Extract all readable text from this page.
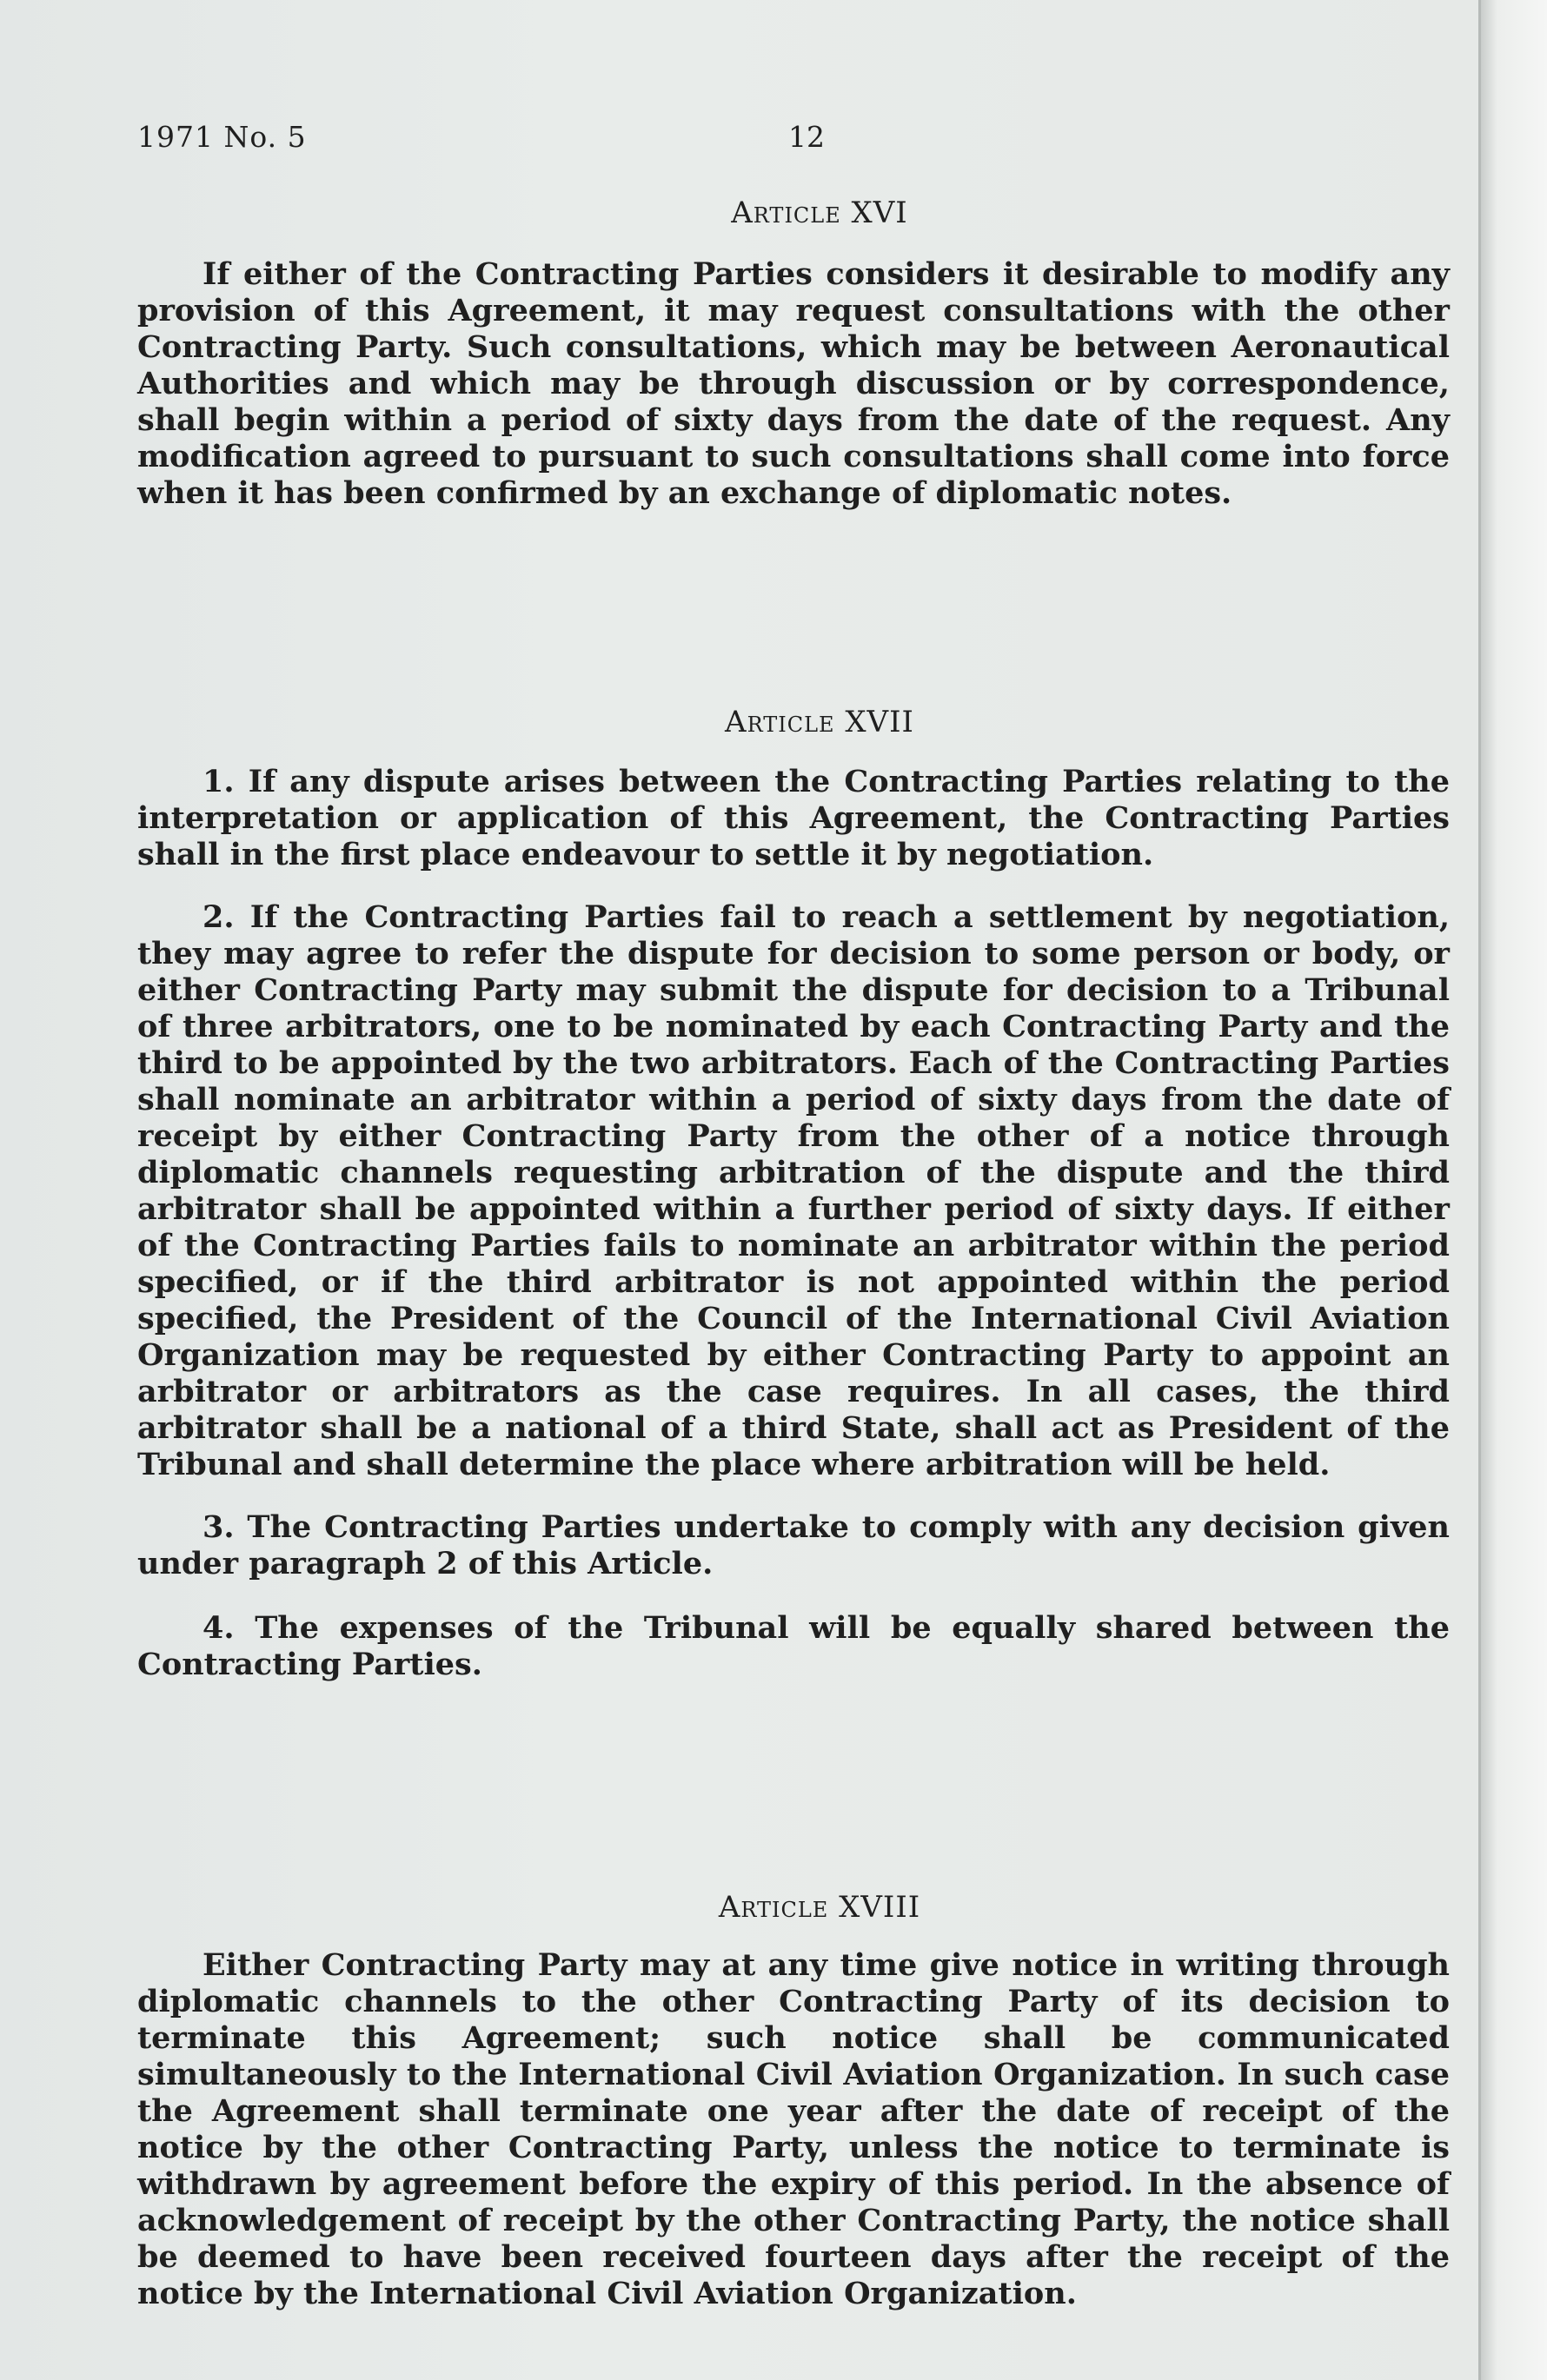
1971 No. 5	12
Article XVI

If either of the Contracting Parties considers it desirable to modify any provision of this Agreement, it may request consultations with the other Contracting Party. Such consultations, which may be between Aeronautical Authorities and which may be through discussion or by correspondence, shall begin within a period of sixty days from the date of the request. Any modification agreed to pursuant to such consultations shall come into force when it has been confirmed by an exchange of diplomatic notes.

Article XVII

1. If any dispute arises between the Contracting Parties relating to the interpretation or application of this Agreement, the Contracting Parties shall in the first place endeavour to settle it by negotiation.

2. If the Contracting Parties fail to reach a settlement by negotiation, they may agree to refer the dispute for decision to some person or body, or either Contracting Party may submit the dispute for decision to a Tribunal of three arbitrators, one to be nominated by each Contracting Party and the third to be appointed by the two arbitrators. Each of the Contracting Parties shall nominate an arbitrator within a period of sixty days from the date of receipt by either Contracting Party from the other of a notice through diplomatic channels requesting arbitration of the dispute and the third arbitrator shall be appointed within a further period of sixty days. If either of the Contracting Parties fails to nominate an arbitrator within the period specified, or if the third arbitrator is not appointed within the period specified, the President of the Council of the International Civil Aviation Organization may be requested by either Contracting Party to appoint an arbitrator or arbitrators as the case requires. In all cases, the third arbitrator shall be a national of a third State, shall act as President of the Tribunal and shall determine the place where arbitration will be held.

3. The Contracting Parties undertake to comply with any decision given under paragraph 2 of this Article.

4. The expenses of the Tribunal will be equally shared between the Contracting Parties.

Article XVIII

Either Contracting Party may at any time give notice in writing through diplomatic channels to the other Contracting Party of its decision to terminate this Agreement; such notice shall be communicated simultaneously to the International Civil Aviation Organization. In such case the Agreement shall terminate one year after the date of receipt of the notice by the other Contracting Party, unless the notice to terminate is withdrawn by agreement before the expiry of this period. In the absence of acknowledgement of receipt by the other Contracting Party, the notice shall be deemed to have been received fourteen days after the receipt of the notice by the International Civil Aviation Organization.
